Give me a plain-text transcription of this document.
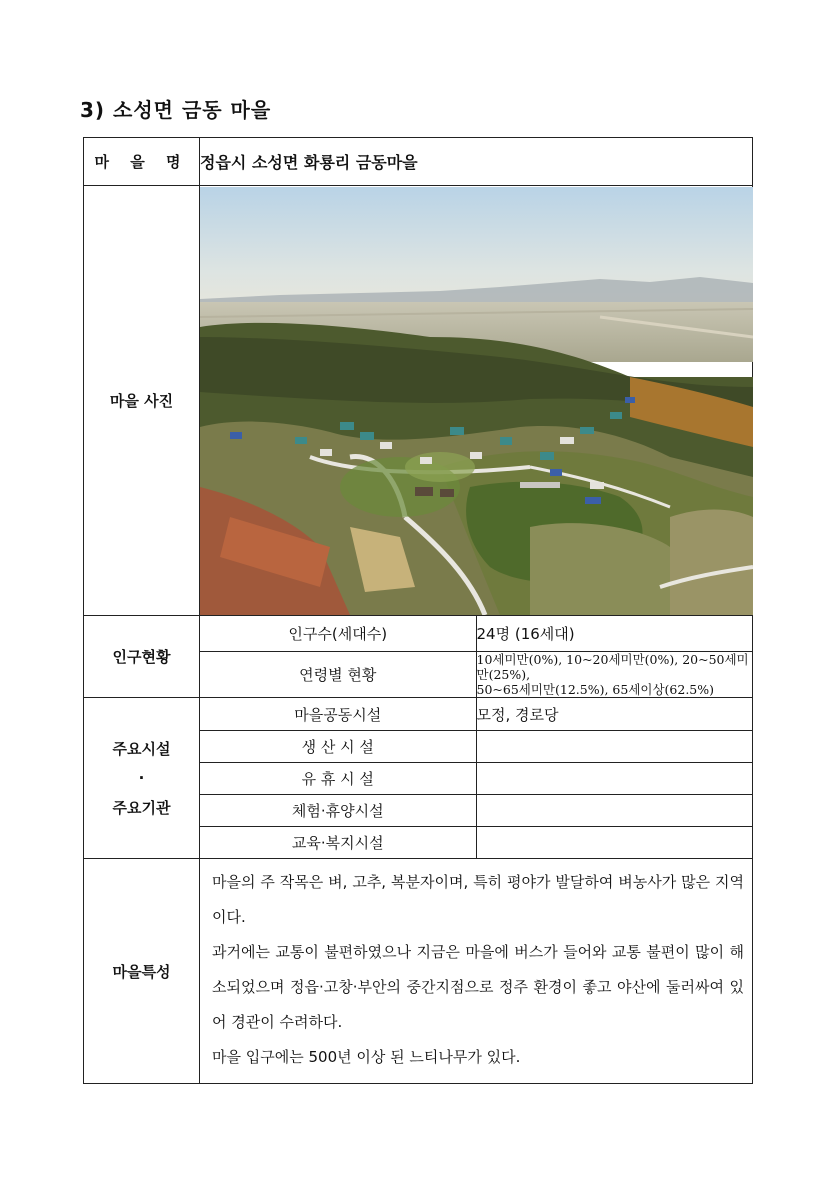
3) 소성면 금동 마을
마 을 명	정읍시 소성면 화룡리 금동마을	
마을 사진	

인구현황	인구수(세대수)	24명 (16세대)
	연령별 현황	10세미만(0%), 10~20세미만(0%), 20~50세미만(25%),
50~65세미만(12.5%), 65세이상(62.5%)

주요시설
·
주요기관	마을공동시설	모정, 경로당
	생 산 시 설	
	유 휴 시 설	
	체험·휴양시설	
	교육·복지시설	
마을특성	마을의 주 작목은 벼, 고추, 복분자이며, 특히 평야가 발달하여 벼농사가 많은 지역이다.

과거에는 교통이 불편하였으나 지금은 마을에 버스가 들어와 교통 불편이 많이 해소되었으며 정읍·고창·부안의 중간지점으로 정주 환경이 좋고 야산에 둘러싸여 있어 경관이 수려하다.

마을 입구에는 500년 이상 된 느티나무가 있다.	
